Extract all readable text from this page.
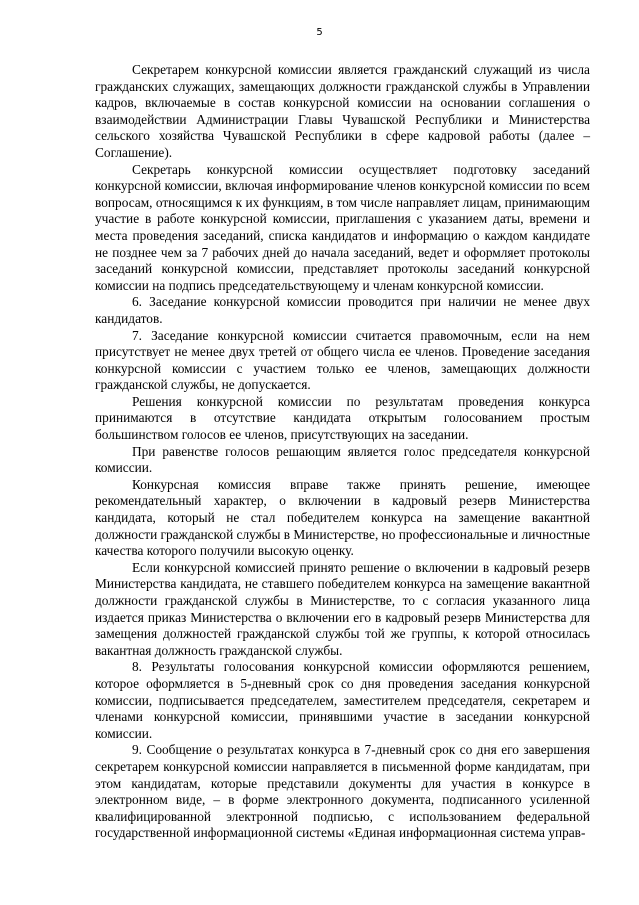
5

Секретарем конкурсной комиссии является гражданский служащий из числа гражданских служащих, замещающих должности гражданской службы в Управлении кадров, включаемые в состав конкурсной комиссии на основании соглашения о взаимодействии Администрации Главы Чувашской Республики и Министерства сельского хозяйства Чувашской Республики в сфере кадровой работы (далее – Соглашение).

Секретарь конкурсной комиссии осуществляет подготовку заседаний конкурсной комиссии, включая информирование членов конкурсной комиссии по всем вопросам, относящимся к их функциям, в том числе направляет лицам, принимающим участие в работе конкурсной комиссии, приглашения с указанием даты, времени и места проведения заседаний, списка кандидатов и информацию о каждом кандидате не позднее чем за 7 рабочих дней до начала заседаний, ведет и оформляет протоколы заседаний конкурсной комиссии, представляет протоколы заседаний конкурсной комиссии на подпись председательствующему и членам конкурсной комиссии.

6. Заседание конкурсной комиссии проводится при наличии не менее двух кандидатов.

7. Заседание конкурсной комиссии считается правомочным, если на нем присутствует не менее двух третей от общего числа ее членов. Проведение заседания конкурсной комиссии с участием только ее членов, замещающих должности гражданской службы, не допускается.

Решения конкурсной комиссии по результатам проведения конкурса принимаются в отсутствие кандидата открытым голосованием простым большинством голосов ее членов, присутствующих на заседании.

При равенстве голосов решающим является голос председателя конкурсной комиссии.

Конкурсная комиссия вправе также принять решение, имеющее рекомендательный характер, о включении в кадровый резерв Министерства кандидата, который не стал победителем конкурса на замещение вакантной должности гражданской службы в Министерстве, но профессиональные и личностные качества которого получили высокую оценку.

Если конкурсной комиссией принято решение о включении в кадровый резерв Министерства кандидата, не ставшего победителем конкурса на замещение вакантной должности гражданской службы в Министерстве, то с согласия указанного лица издается приказ Министерства о включении его в кадровый резерв Министерства для замещения должностей гражданской службы той же группы, к которой относилась вакантная должность гражданской службы.

8. Результаты голосования конкурсной комиссии оформляются решением, которое оформляется в 5-дневный срок со дня проведения заседания конкурсной комиссии, подписывается председателем, заместителем председателя, секретарем и членами конкурсной комиссии, принявшими участие в заседании конкурсной комиссии.

9. Сообщение о результатах конкурса в 7-дневный срок со дня его завершения секретарем конкурсной комиссии направляется в письменной форме кандидатам, при этом кандидатам, которые представили документы для участия в конкурсе в электронном виде, – в форме электронного документа, подписанного усиленной квалифицированной электронной подписью, с использованием федеральной государственной информационной системы «Единая информационная система управ-
